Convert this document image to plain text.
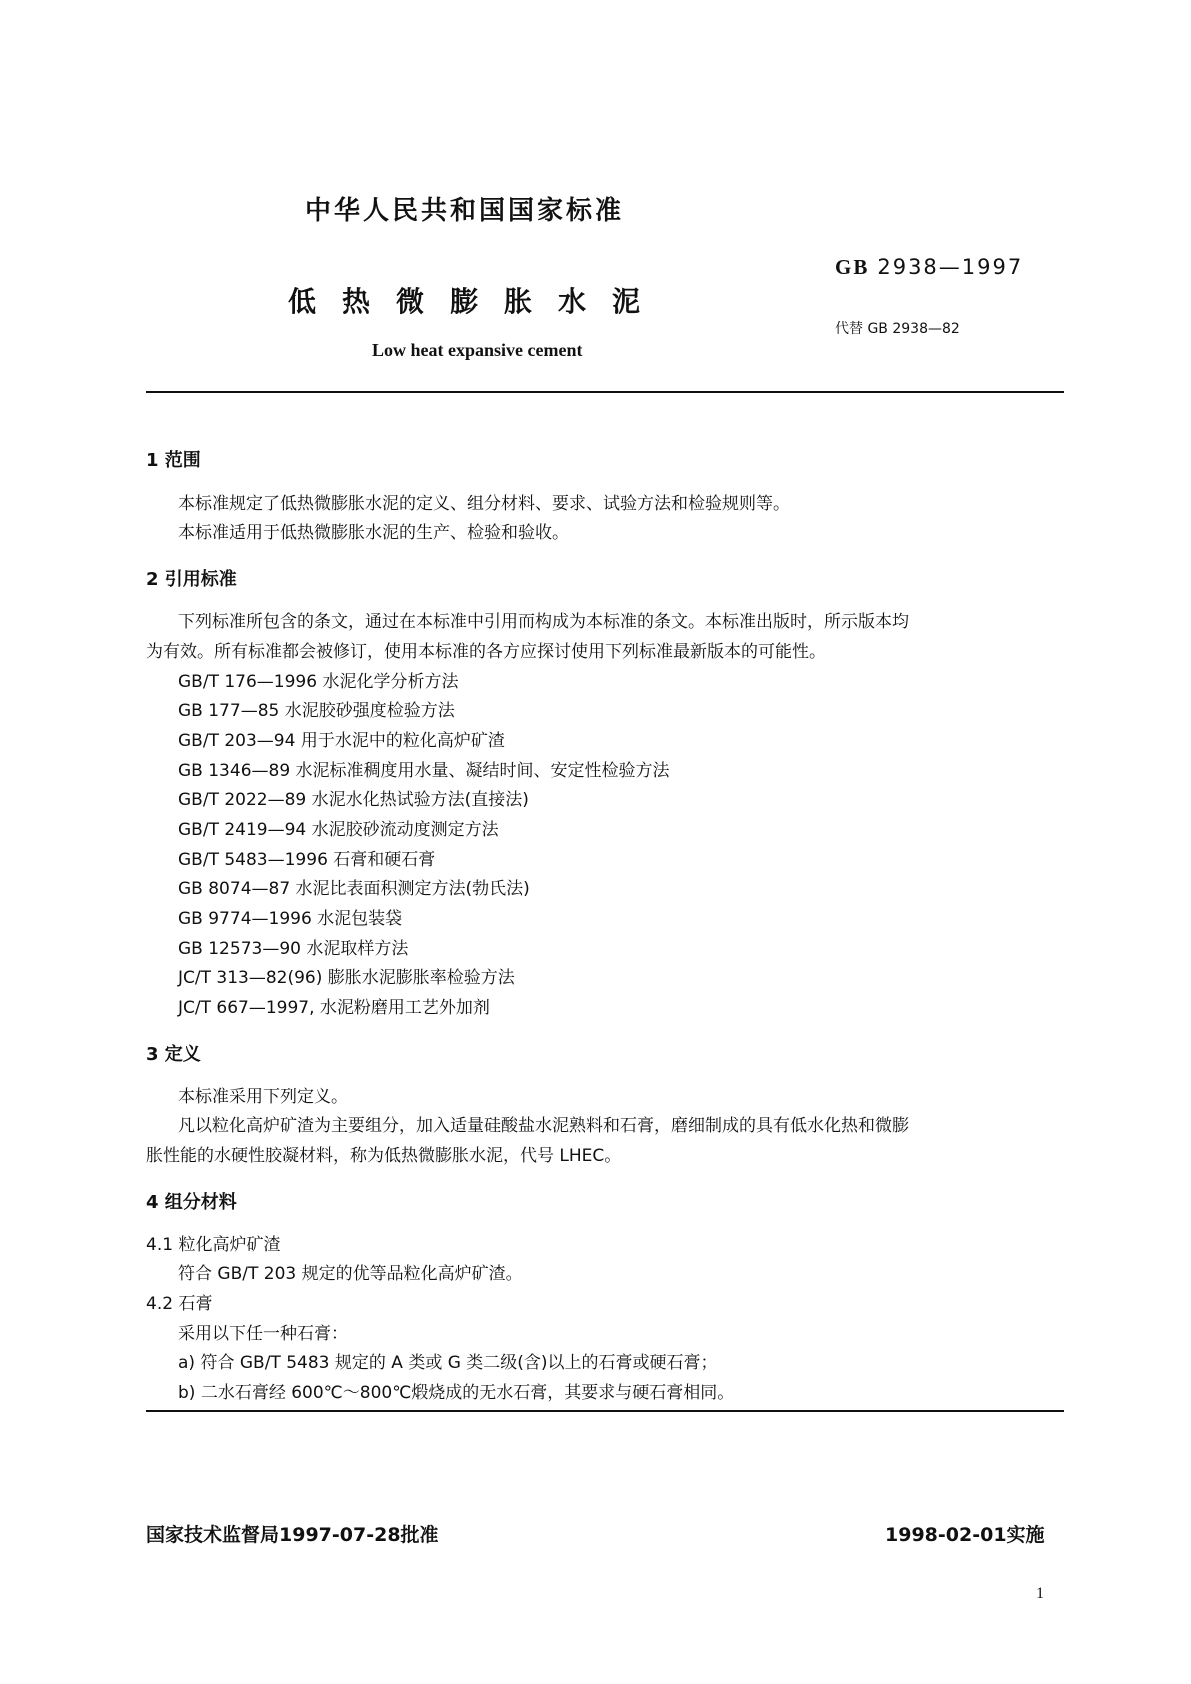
中华人民共和国国家标准
GB 2938—1997
代替 GB 2938—82
低热微膨胀水泥
Low heat expansive cement
1 范围
本标准规定了低热微膨胀水泥的定义、组分材料、要求、试验方法和检验规则等。
本标准适用于低热微膨胀水泥的生产、检验和验收。
2 引用标准
下列标准所包含的条文，通过在本标准中引用而构成为本标准的条文。本标准出版时，所示版本均
为有效。所有标准都会被修订，使用本标准的各方应探讨使用下列标准最新版本的可能性。
GB/T 176—1996 水泥化学分析方法
GB 177—85 水泥胶砂强度检验方法
GB/T 203—94 用于水泥中的粒化高炉矿渣
GB 1346—89 水泥标准稠度用水量、凝结时间、安定性检验方法
GB/T 2022—89 水泥水化热试验方法(直接法)
GB/T 2419—94 水泥胶砂流动度测定方法
GB/T 5483—1996 石膏和硬石膏
GB 8074—87 水泥比表面积测定方法(勃氏法)
GB 9774—1996 水泥包装袋
GB 12573—90 水泥取样方法
JC/T 313—82(96) 膨胀水泥膨胀率检验方法
JC/T 667—1997, 水泥粉磨用工艺外加剂
3 定义
本标准采用下列定义。
凡以粒化高炉矿渣为主要组分，加入适量硅酸盐水泥熟料和石膏，磨细制成的具有低水化热和微膨
胀性能的水硬性胶凝材料，称为低热微膨胀水泥，代号 LHEC。
4 组分材料
4.1 粒化高炉矿渣
符合 GB/T 203 规定的优等品粒化高炉矿渣。
4.2 石膏
采用以下任一种石膏：
a) 符合 GB/T 5483 规定的 A 类或 G 类二级(含)以上的石膏或硬石膏；
b) 二水石膏经 600℃～800℃煅烧成的无水石膏，其要求与硬石膏相同。
国家技术监督局1997-07-28批准	1998-02-01实施
1
